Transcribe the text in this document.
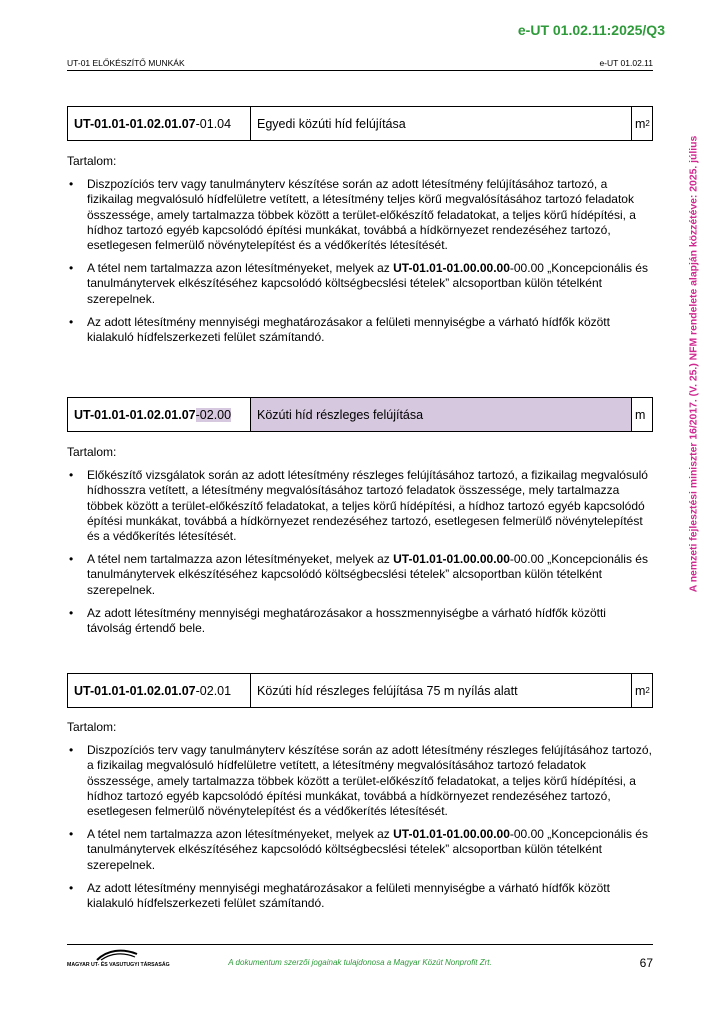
e-UT 01.02.11:2025/Q3
UT-01 ELŐKÉSZÍTŐ MUNKÁK	e-UT 01.02.11
A nemzeti fejlesztési miniszter 16/2017. (V. 25.) NFM rendelete alapján közzétéve: 2025. július
UT-01.01-01.02.01.07 -01.04 Egyedi közúti híd felújítása	m 2

Tartalom:

• Diszpozíciós terv vagy tanulmányterv készítése során az adott létesítmény felújításához tartozó, a fizikailag megvalósuló hídfelületre vetített, a létesítmény teljes körű megvalósításához tartozó feladatok összessége, amely tartalmazza többek között a terület-előkészítő feladatokat, a teljes körű hídépítési, a hídhoz tartozó egyéb kapcsolódó építési munkákat, továbbá a hídkörnyezet rendezéséhez tartozó, esetlegesen felmerülő növénytelepítést és a védőkerítés létesítését.
• A tétel nem tartalmazza azon létesítményeket, melyek az UT-01.01-01.00.00.00-00.00 „Koncepcionális és tanulmánytervek elkészítéséhez kapcsolódó költségbecslési tételek” alcsoportban külön tételként szerepelnek.
• Az adott létesítmény mennyiségi meghatározásakor a felületi mennyiségbe a várható hídfők között kialakuló hídfelszerkezeti felület számítandó.
UT-01.01-01.02.01.07 -02.00 Közúti híd részleges felújítása	m

Tartalom:

• Előkészítő vizsgálatok során az adott létesítmény részleges felújításához tartozó, a fizikailag megvalósuló hídhosszra vetített, a létesítmény megvalósításához tartozó feladatok összessége, mely tartalmazza többek között a terület-előkészítő feladatokat, a teljes körű hídépítési, a hídhoz tartozó egyéb kapcsolódó építési munkákat, továbbá a hídkörnyezet rendezéséhez tartozó, esetlegesen felmerülő növénytelepítést és a védőkerítés létesítését.
• A tétel nem tartalmazza azon létesítményeket, melyek az UT-01.01-01.00.00.00-00.00 „Koncepcionális és tanulmánytervek elkészítéséhez kapcsolódó költségbecslési tételek” alcsoportban külön tételként szerepelnek.
• Az adott létesítmény mennyiségi meghatározásakor a hosszmennyiségbe a várható hídfők közötti távolság értendő bele.
UT-01.01-01.02.01.07 -02.01 Közúti híd részleges felújítása 75 m nyílás alatt	m 2

Tartalom:

• Diszpozíciós terv vagy tanulmányterv készítése során az adott létesítmény részleges felújításához tartozó, a fizikailag megvalósuló hídfelületre vetített, a létesítmény megvalósításához tartozó feladatok összessége, amely tartalmazza többek között a terület-előkészítő feladatokat, a teljes körű hídépítési, a hídhoz tartozó egyéb kapcsolódó építési munkákat, továbbá a hídkörnyezet rendezéséhez tartozó, esetlegesen felmerülő növénytelepítést és a védőkerítés létesítését.
• A tétel nem tartalmazza azon létesítményeket, melyek az UT-01.01-01.00.00.00-00.00 „Koncepcionális és tanulmánytervek elkészítéséhez kapcsolódó költségbecslési tételek” alcsoportban külön tételként szerepelnek.
• Az adott létesítmény mennyiségi meghatározásakor a felületi mennyiségbe a várható hídfők között kialakuló hídfelszerkezeti felület számítandó.
MAGYAR UT- ÉS VASUTUGYI TÁRSASÁG	A dokumentum szerzői jogainak tulajdonosa a Magyar Közút Nonprofit Zrt.	67
